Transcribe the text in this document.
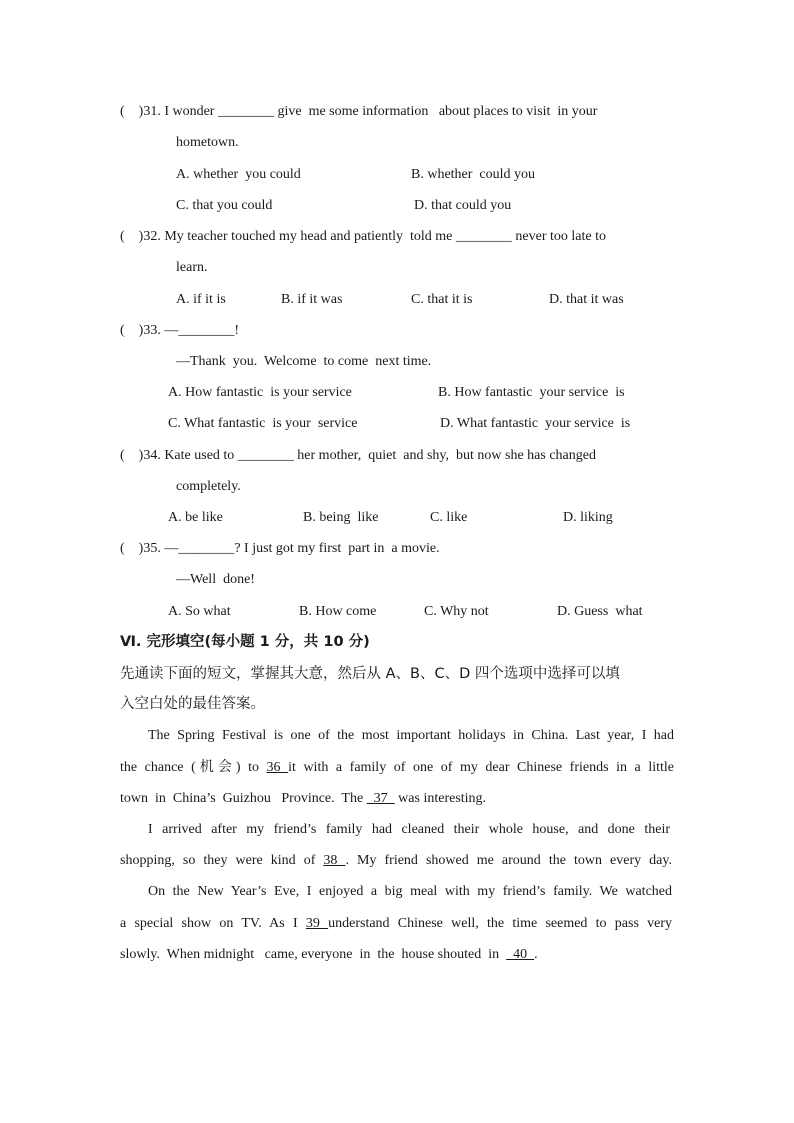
(    )31. I wonder ________ give  me some information   about places to visit  in your
hometown.
A. whether  you could	B. whether  could you
C. that you could	D. that could you
(    )32. My teacher touched my head and patiently  told me ________ never too late to
learn.
A. if it is	B. if it was	C. that it is	D. that it was
(    )33. —________!
—Thank  you.  Welcome  to come  next time.
A. How fantastic  is your service	B. How fantastic  your service  is
C. What fantastic  is your  service	D. What fantastic  your service  is
(    )34. Kate used to ________ her mother,  quiet  and shy,  but now she has changed
completely.
A. be like	B. being  like	C. like	D. liking
(    )35. —________? I just got my first  part in  a movie.
—Well  done!
A. So what	B. How come	C. Why not	D. Guess  what
Ⅵ. 完形填空(每小题 1 分，共 10 分)
先通读下面的短文，掌握其大意，然后从 A、B、C、D 四个选项中选择可以填
入空白处的最佳答案。
The Spring Festival is one of the most important holidays in China. Last year, I had
the chance (机会) to 36 it with a family of one of my dear Chinese friends in a little
town  in  China’s  Guizhou   Province.  The   37   was interesting.
I arrived after my friend’s family had cleaned their whole house, and done their
shopping, so they were kind of 38 . My friend showed me around the town every day.
On the New Year’s Eve, I enjoyed a big meal with my friend’s family. We watched
a special show on TV. As I 39 understand Chinese well, the time seemed to pass very
slowly.  When midnight   came, everyone  in  the  house shouted  in    40  .
